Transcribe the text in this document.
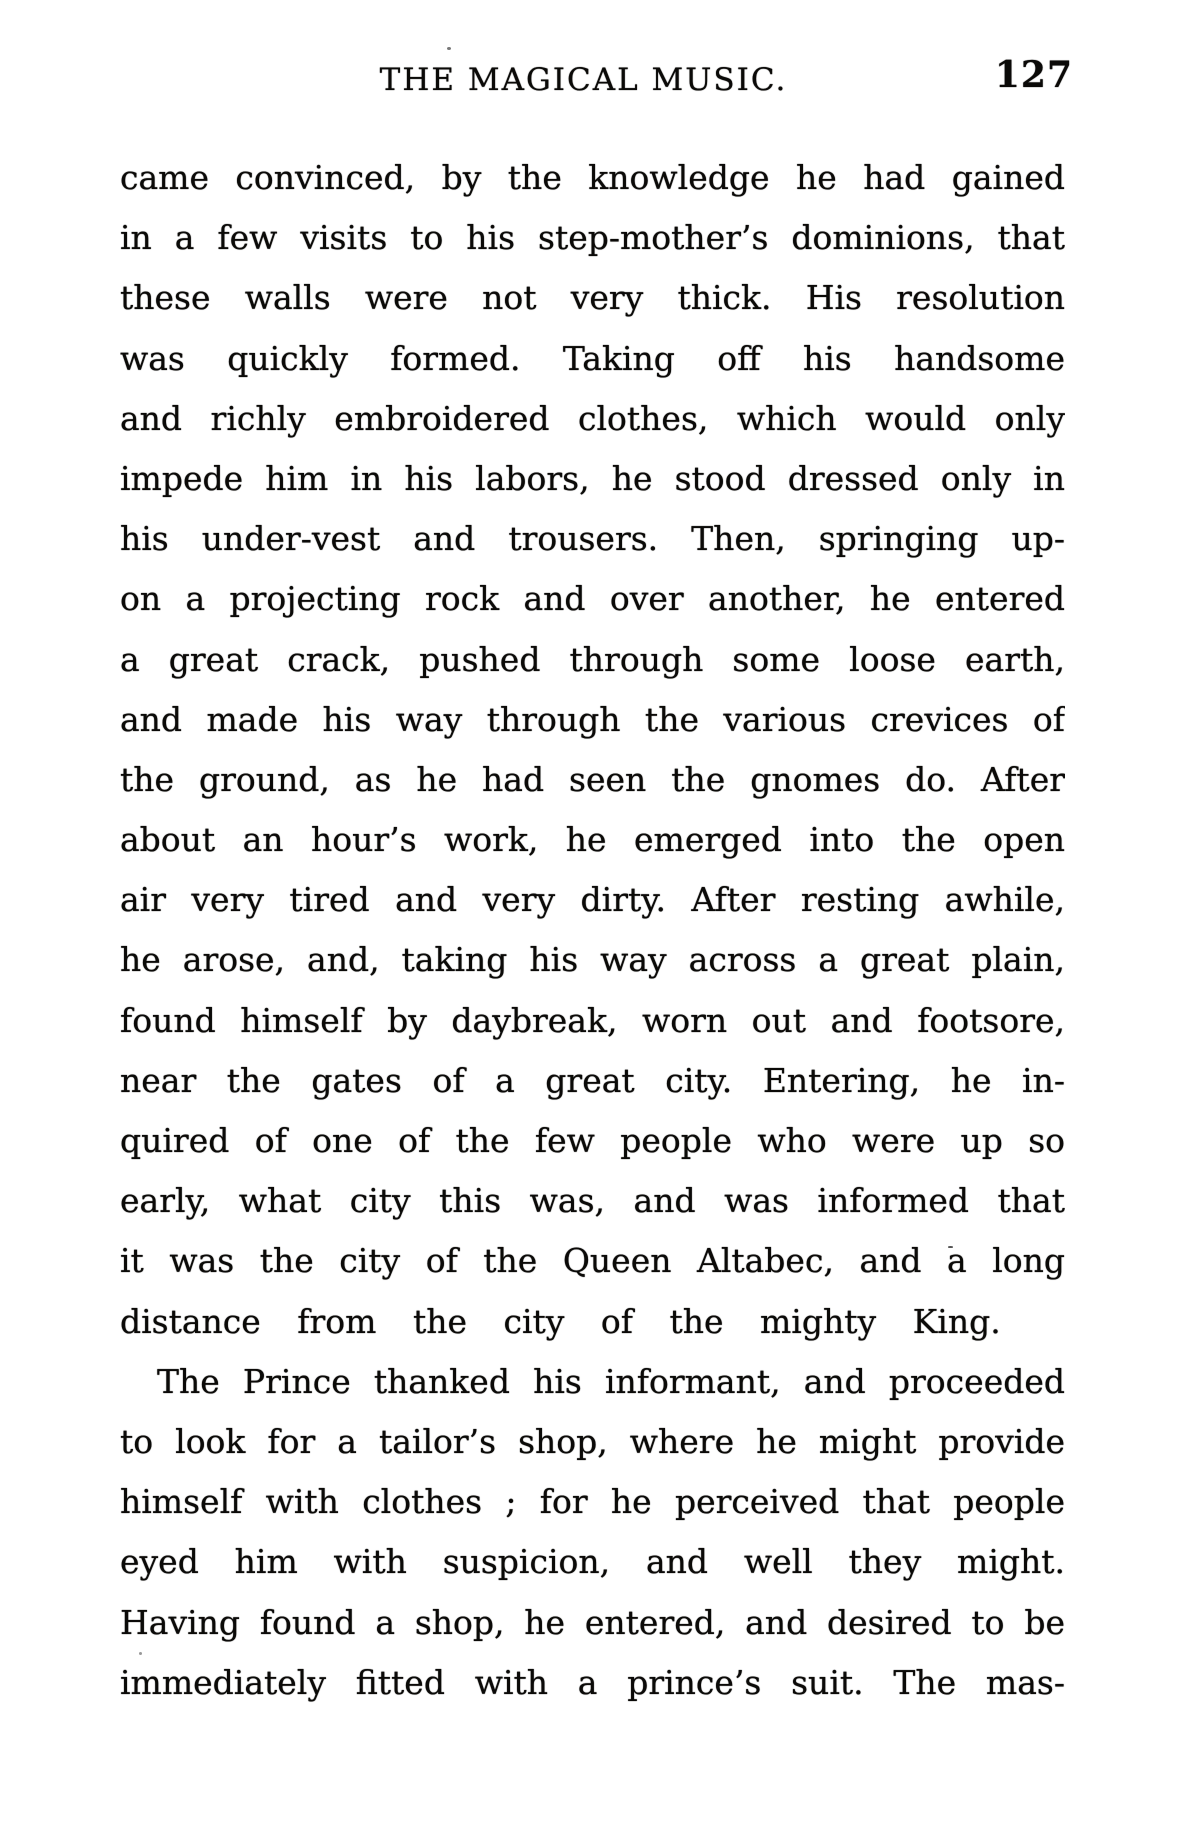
THE MAGICAL MUSIC.	127
came convinced, by the knowledge he had gained
in a few visits to his step-mother’s dominions, that
these walls were not very thick. His resolution
was quickly formed. Taking off his handsome
and richly embroidered clothes, which would only
impede him in his labors, he stood dressed only in
his under-vest and trousers. Then, springing up-
on a projecting rock and over another, he entered
a great crack, pushed through some loose earth,
and made his way through the various crevices of
the ground, as he had seen the gnomes do. After
about an hour’s work, he emerged into the open
air very tired and very dirty. After resting awhile,
he arose, and, taking his way across a great plain,
found himself by daybreak, worn out and footsore,
near the gates of a great city. Entering, he in-
quired of one of the few people who were up so
early, what city this was, and was informed that
it was the city of the Queen Altabec, and a long
distance from the city of the mighty King.
The Prince thanked his informant, and proceeded
to look for a tailor’s shop, where he might provide
himself with clothes ; for he perceived that people
eyed him with suspicion, and well they might.
Having found a shop, he entered, and desired to be
immediately fitted with a prince’s suit. The mas-
